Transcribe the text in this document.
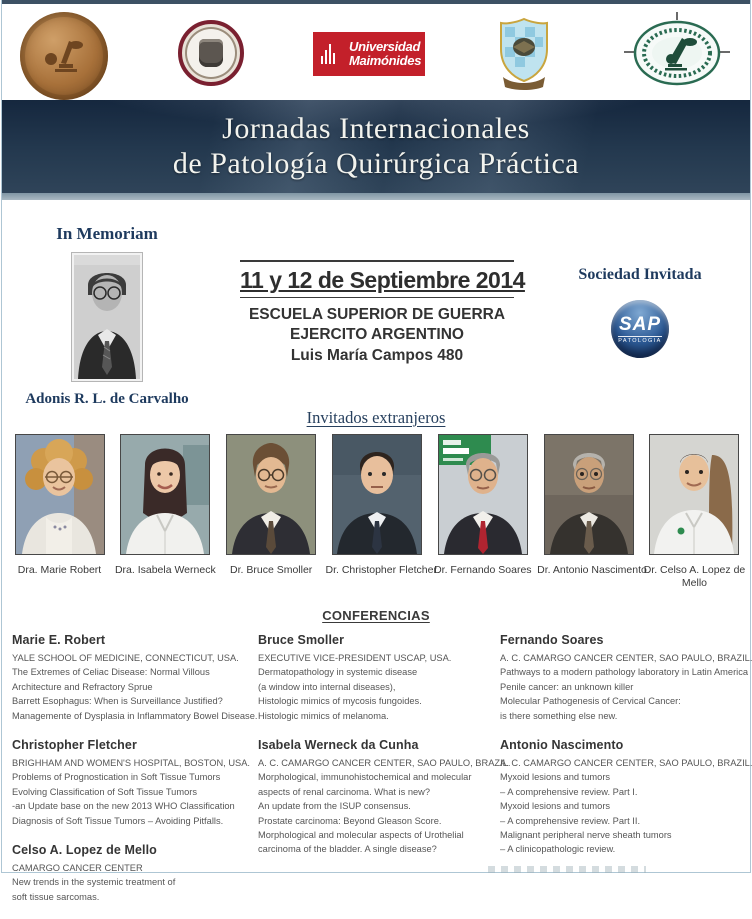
Universidad
Maimónides
Jornadas Internacionales
de Patología Quirúrgica Práctica
In Memoriam
Adonis R. L. de Carvalho
11 y 12 de Septiembre 2014
ESCUELA SUPERIOR DE GUERRA
EJERCITO ARGENTINO
Luis María Campos 480
Sociedad Invitada
SAP
PATOLOGIA
Invitados extranjeros
Dra. Marie Robert	Dra. Isabela Werneck	Dr. Bruce Smoller	Dr. Christopher Fletcher
Dr. Fernando Soares Dr. Antonio Nascimento
Dr. Celso A. Lopez de Mello
CONFERENCIAS
Marie E. Robert
YALE SCHOOL OF MEDICINE, CONNECTICUT, USA.
The Extremes of Celiac Disease: Normal Villous
Architecture and Refractory Sprue
Barrett Esophagus: When is Surveillance Justified?
Managemente of Dysplasia in Inflammatory Bowel Disease.
Christopher Fletcher
BRIGHHAM AND WOMEN'S HOSPITAL, BOSTON, USA.
Problems of Prognostication in Soft Tissue Tumors
Evolving Classification of Soft Tissue Tumors
-an Update base on the new 2013 WHO Classification
Diagnosis of Soft Tissue Tumors – Avoiding Pitfalls.
Celso A. Lopez de Mello
CAMARGO CANCER CENTER
New trends in the systemic treatment of
soft tissue sarcomas.
Bruce Smoller
EXECUTIVE VICE-PRESIDENT USCAP, USA.
Dermatopathology in systemic disease
(a window into internal diseases),
Histologic mimics of mycosis fungoides.
Histologic mimics of melanoma.
Isabela Werneck da Cunha
A. C. CAMARGO CANCER CENTER, SAO PAULO, BRAZIL.
Morphological, immunohistochemical and molecular
aspects of renal carcinoma. What is new?
An update from the ISUP consensus.
Prostate carcinoma: Beyond Gleason Score.
Morphological and molecular aspects of Urothelial
carcinoma of the bladder. A single disease?
Fernando Soares
A. C. CAMARGO CANCER CENTER, SAO PAULO, BRAZIL.
Pathways to a modern pathology laboratory in Latin America
Penile cancer: an unknown killer
Molecular Pathogenesis of Cervical Cancer:
is there something else new.
Antonio Nascimento
A. C. CAMARGO CANCER CENTER, SAO PAULO, BRAZIL.
Myxoid lesions and tumors
– A comprehensive review. Part I.
Myxoid lesions and tumors
– A comprehensive review. Part II.
Malignant peripheral nerve sheath tumors
– A clinicopathologic review.
